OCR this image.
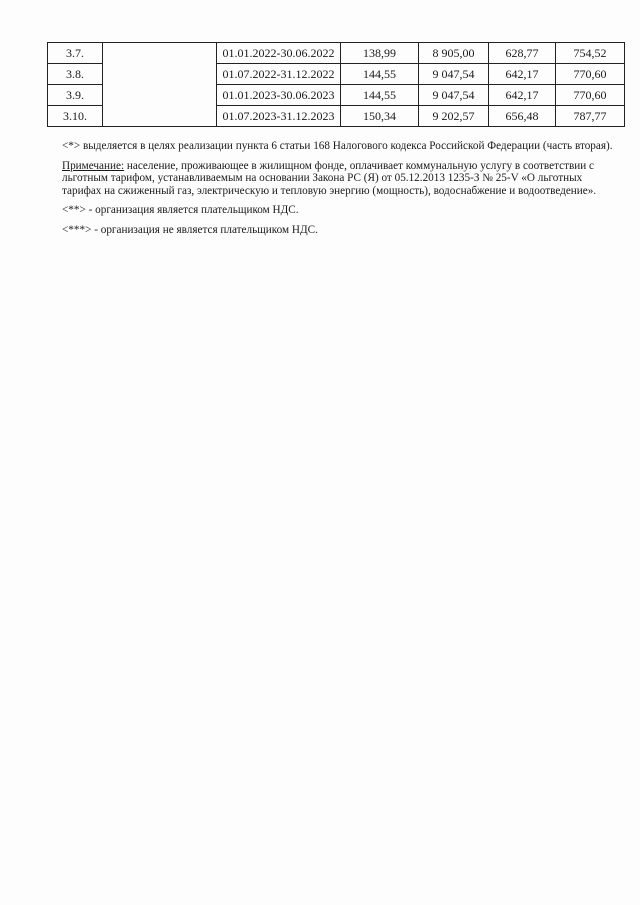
3.7.		01.01.2022-30.06.2022	138,99	8 905,00	628,77	754,52
3.8.		01.07.2022-31.12.2022	144,55	9 047,54	642,17	770,60
3.9.		01.01.2023-30.06.2023	144,55	9 047,54	642,17	770,60
3.10.		01.07.2023-31.12.2023	150,34	9 202,57	656,48	787,77

<*> выделяется в целях реализации пункта 6 статьи 168 Налогового кодекса Российской Федерации (часть вторая).

Примечание: население, проживающее в жилищном фонде, оплачивает коммунальную услугу в соответствии с льготным тарифом, устанавливаемым на основании Закона РС (Я) от 05.12.2013 1235-З № 25-V «О льготных тарифах на сжиженный газ, электрическую и тепловую энергию (мощность), водоснабжение и водоотведение».

<**> - организация является плательщиком НДС.

<***> - организация не является плательщиком НДС.
